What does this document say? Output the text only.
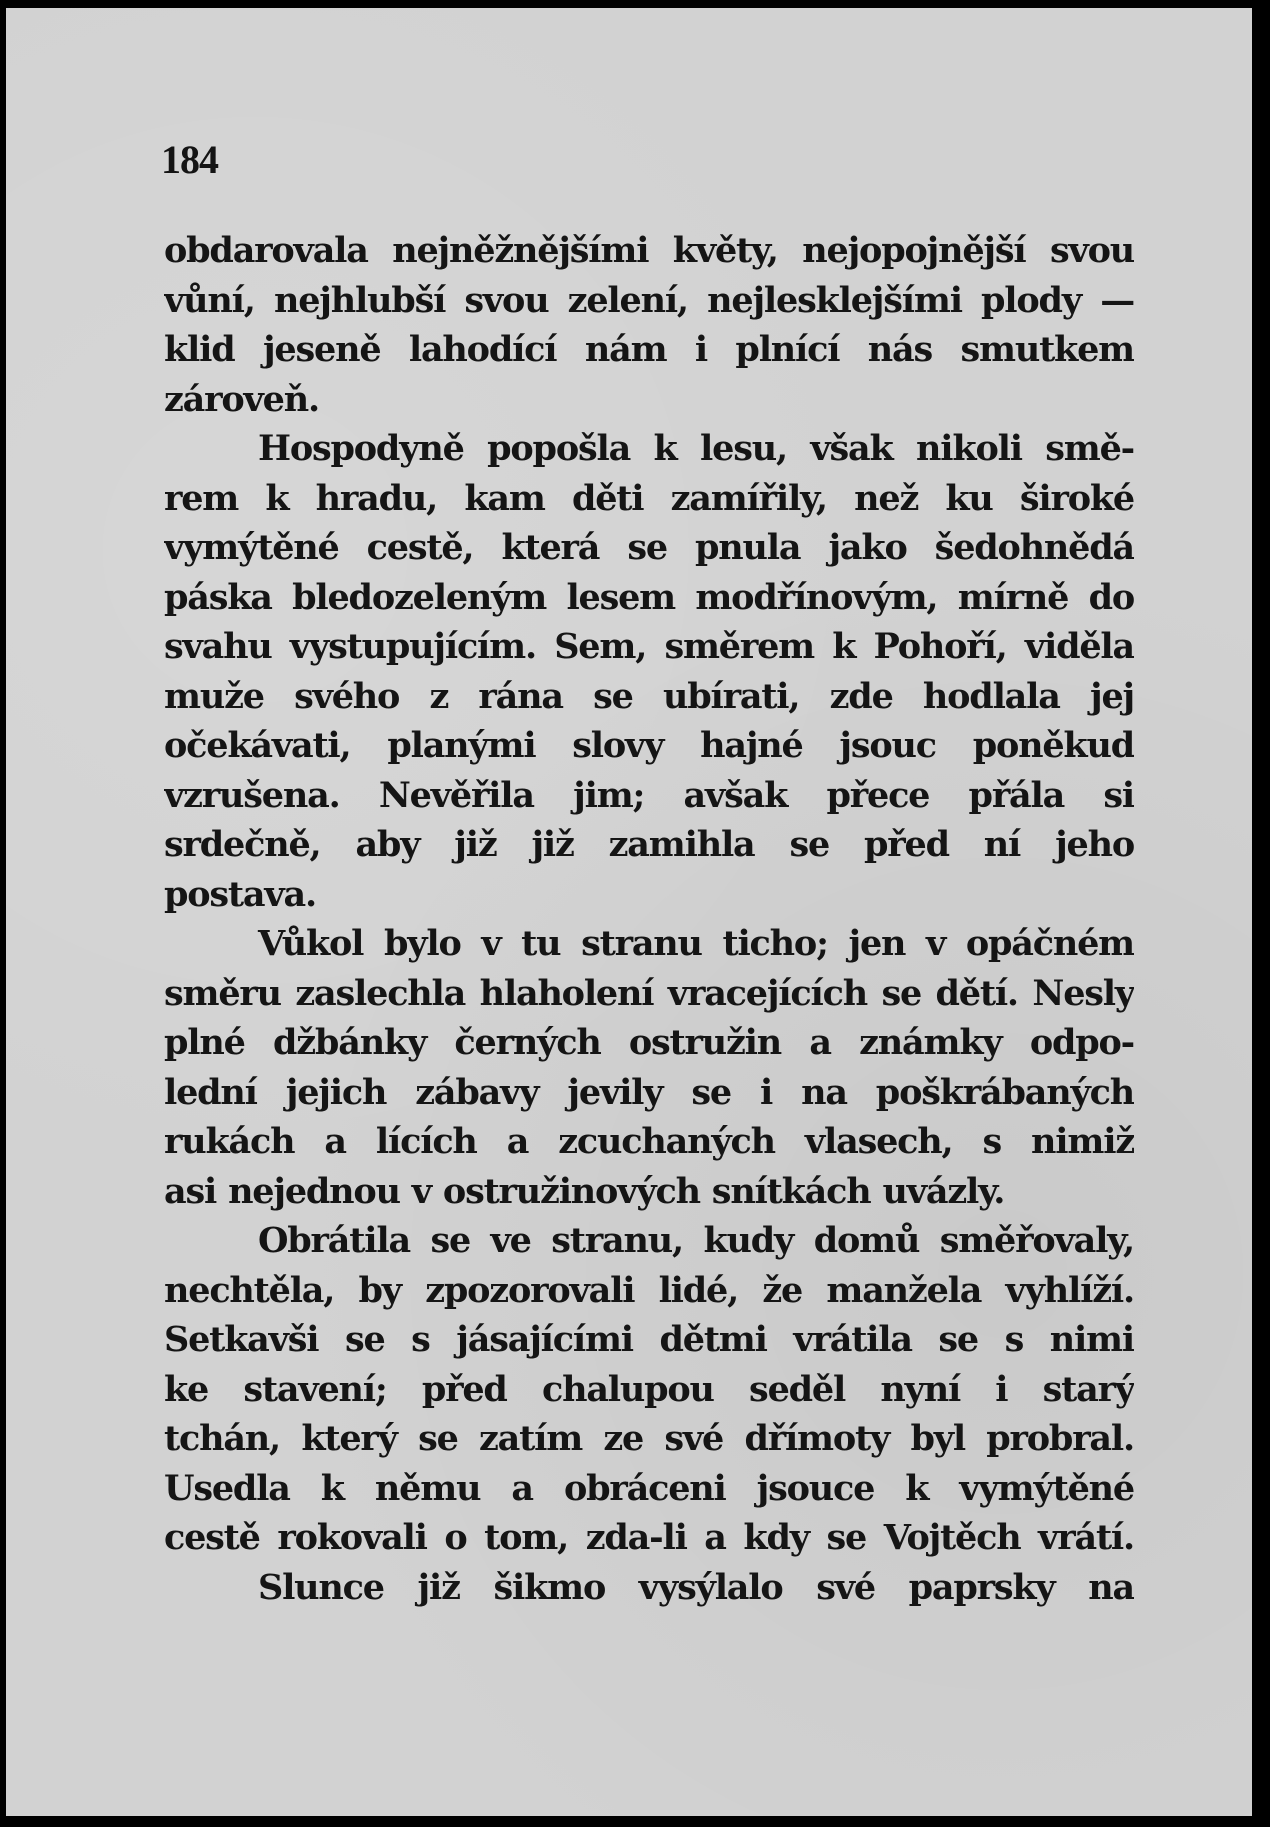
184
obdarovala nejněžnějšími květy, nejopojnější svou
vůní, nejhlubší svou zelení, nejlesklejšími plody —
klid jeseně lahodící nám i plnící nás smutkem
zároveň.
Hospodyně popošla k lesu, však nikoli smě-
rem k hradu, kam děti zamířily, než ku široké
vymýtěné cestě, která se pnula jako šedohnědá
páska bledozeleným lesem modřínovým, mírně do
svahu vystupujícím. Sem, směrem k Pohoří, viděla
muže svého z rána se ubírati, zde hodlala jej
očekávati, planými slovy hajné jsouc poněkud
vzrušena. Nevěřila jim; avšak přece přála si
srdečně, aby již již zamihla se před ní jeho
postava.
Vůkol bylo v tu stranu ticho; jen v opáčném
směru zaslechla hlaholení vracejících se dětí. Nesly
plné džbánky černých ostružin a známky odpo-
lední jejich zábavy jevily se i na poškrábaných
rukách a lících a zcuchaných vlasech, s nimiž
asi nejednou v ostružinových snítkách uvázly.
Obrátila se ve stranu, kudy domů směřovaly,
nechtěla, by zpozorovali lidé, že manžela vyhlíží.
Setkavši se s jásajícími dětmi vrátila se s nimi
ke stavení; před chalupou seděl nyní i starý
tchán, který se zatím ze své dřímoty byl probral.
Usedla k němu a obráceni jsouce k vymýtěné
cestě rokovali o tom, zda-li a kdy se Vojtěch vrátí.
Slunce již šikmo vysýlalo své paprsky na
